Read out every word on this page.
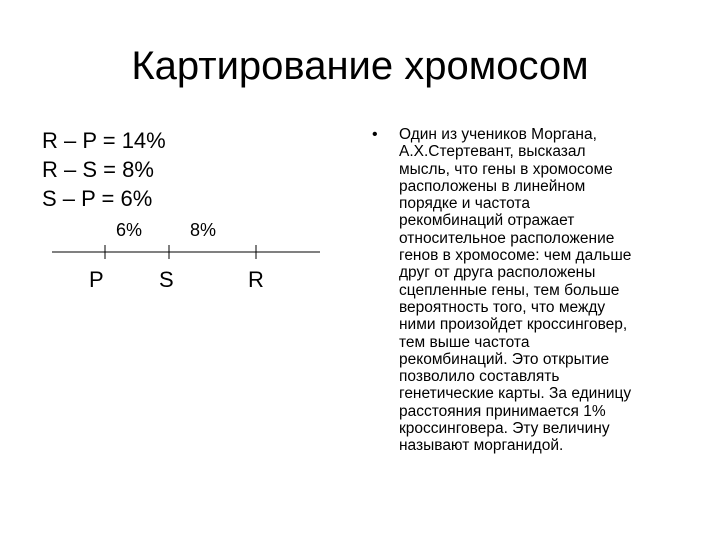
Картирование хромосом
R – P = 14%
R – S = 8%
S – P = 6%
6%	8%
P	S	R
• Один из учеников Моргана,
А.Х.Стертевант, высказал
мысль, что гены в хромосоме
расположены в линейном
порядке и частота
рекомбинаций отражает
относительное расположение
генов в хромосоме: чем дальше
друг от друга расположены
сцепленные гены, тем больше
вероятность того, что между
ними произойдет кроссинговер,
тем выше частота
рекомбинаций. Это открытие
позволило составлять
генетические карты. За единицу
расстояния принимается 1%
кроссинговера. Эту величину
называют морганидой.
